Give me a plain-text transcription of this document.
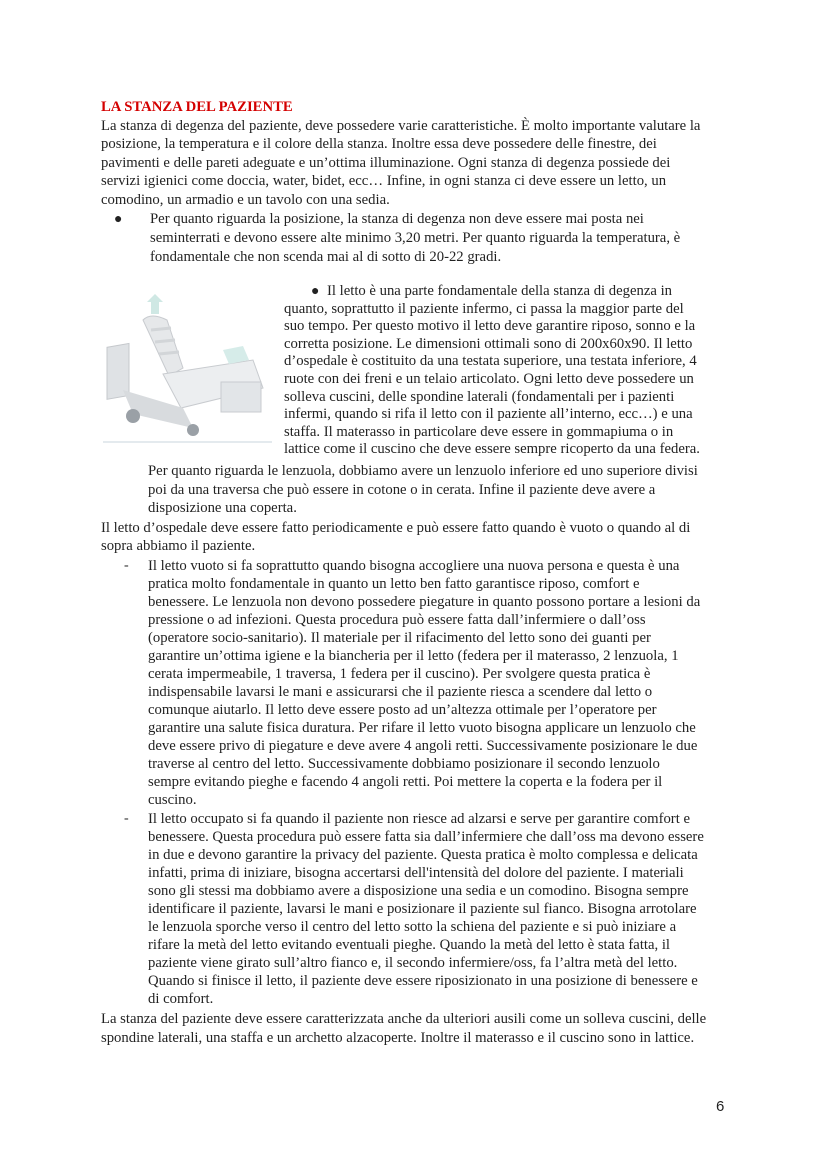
LA STANZA DEL PAZIENTE
La stanza di degenza del paziente, deve possedere varie caratteristiche. È molto importante valutare la
posizione, la temperatura e il colore della stanza. Inoltre essa deve possedere delle finestre, dei
pavimenti e delle pareti adeguate e un’ottima illuminazione. Ogni stanza di degenza possiede dei
servizi igienici come doccia, water, bidet, ecc… Infine, in ogni stanza ci deve essere un letto, un
comodino, un armadio e un tavolo con una sedia.
● Per quanto riguarda la posizione, la stanza di degenza non deve essere mai posta nei
seminterrati e devono essere alte minimo 3,20 metri. Per quanto riguarda la temperatura, è
fondamentale che non scenda mai al di sotto di 20-22 gradi.
● Il letto è una parte fondamentale della stanza di degenza in
quanto, soprattutto il paziente infermo, ci passa la maggior parte del
suo tempo. Per questo motivo il letto deve garantire riposo, sonno e la
corretta posizione. Le dimensioni ottimali sono di 200x60x90. Il letto
d’ospedale è costituito da una testata superiore, una testata inferiore, 4
ruote con dei freni e un telaio articolato. Ogni letto deve possedere un
solleva cuscini, delle spondine laterali (fondamentali per i pazienti
infermi, quando si rifa il letto con il paziente all’interno, ecc…) e una
staffa. Il materasso in particolare deve essere in gommapiuma o in
lattice come il cuscino che deve essere sempre ricoperto da una federa.
Per quanto riguarda le lenzuola, dobbiamo avere un lenzuolo inferiore ed uno superiore divisi
poi da una traversa che può essere in cotone o in cerata. Infine il paziente deve avere a
disposizione una coperta.
Il letto d’ospedale deve essere fatto periodicamente e può essere fatto quando è vuoto o quando al di
sopra abbiamo il paziente.
- Il letto vuoto si fa soprattutto quando bisogna accogliere una nuova persona e questa è una
pratica molto fondamentale in quanto un letto ben fatto garantisce riposo, comfort e
benessere. Le lenzuola non devono possedere piegature in quanto possono portare a lesioni da
pressione o ad infezioni. Questa procedura può essere fatta dall’infermiere o dall’oss
(operatore socio-sanitario). Il materiale per il rifacimento del letto sono dei guanti per
garantire un’ottima igiene e la biancheria per il letto (federa per il materasso, 2 lenzuola, 1
cerata impermeabile, 1 traversa, 1 federa per il cuscino). Per svolgere questa pratica è
indispensabile lavarsi le mani e assicurarsi che il paziente riesca a scendere dal letto o
comunque aiutarlo. Il letto deve essere posto ad un’altezza ottimale per l’operatore per
garantire una salute fisica duratura. Per rifare il letto vuoto bisogna applicare un lenzuolo che
deve essere privo di piegature e deve avere 4 angoli retti. Successivamente posizionare le due
traverse al centro del letto. Successivamente dobbiamo posizionare il secondo lenzuolo
sempre evitando pieghe e facendo 4 angoli retti. Poi mettere la coperta e la fodera per il
cuscino.
- Il letto occupato si fa quando il paziente non riesce ad alzarsi e serve per garantire comfort e
benessere. Questa procedura può essere fatta sia dall’infermiere che dall’oss ma devono essere
in due e devono garantire la privacy del paziente. Questa pratica è molto complessa e delicata
infatti, prima di iniziare, bisogna accertarsi dell'intensità del dolore del paziente. I materiali
sono gli stessi ma dobbiamo avere a disposizione una sedia e un comodino. Bisogna sempre
identificare il paziente, lavarsi le mani e posizionare il paziente sul fianco. Bisogna arrotolare
le lenzuola sporche verso il centro del letto sotto la schiena del paziente e si può iniziare a
rifare la metà del letto evitando eventuali pieghe. Quando la metà del letto è stata fatta, il
paziente viene girato sull’altro fianco e, il secondo infermiere/oss, fa l’altra metà del letto.
Quando si finisce il letto, il paziente deve essere riposizionato in una posizione di benessere e
di comfort.
La stanza del paziente deve essere caratterizzata anche da ulteriori ausili come un solleva cuscini, delle
spondine laterali, una staffa e un archetto alzacoperte. Inoltre il materasso e il cuscino sono in lattice.
6
